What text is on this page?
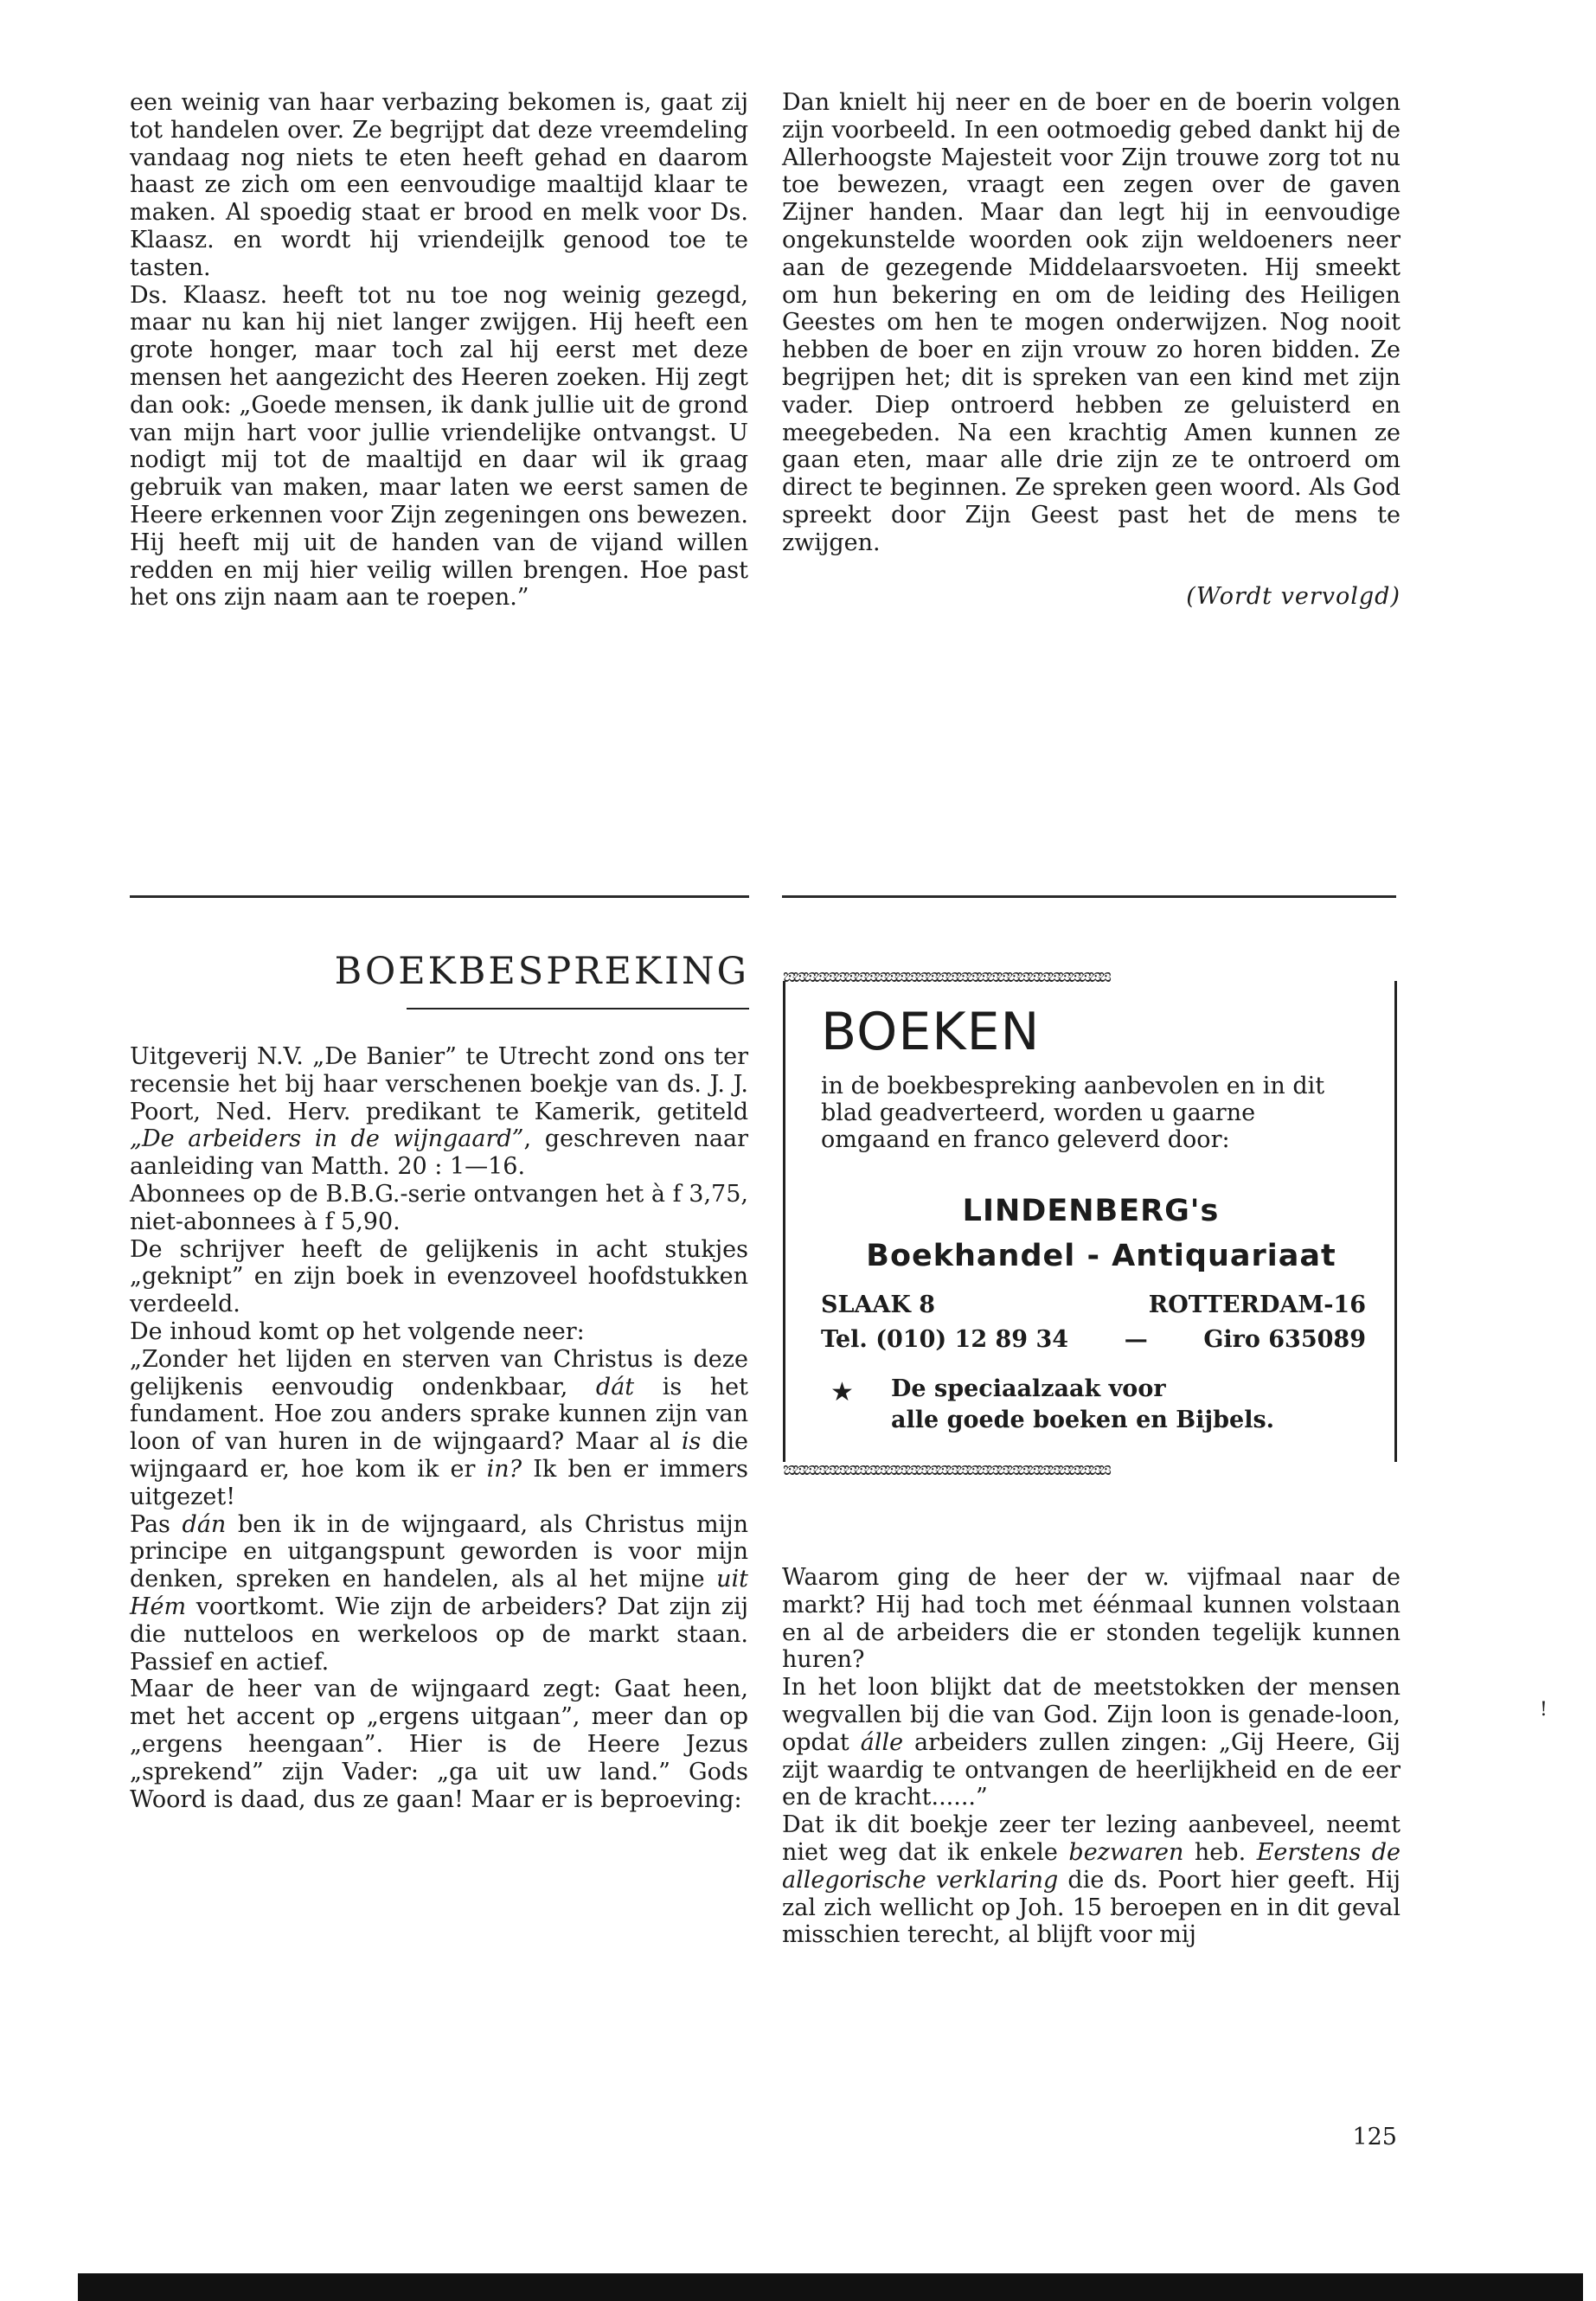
een weinig van haar verbazing bekomen is, gaat zij tot handelen over. Ze begrijpt dat deze vreemdeling vandaag nog niets te eten heeft gehad en daarom haast ze zich om een eenvoudige maaltijd klaar te maken. Al spoedig staat er brood en melk voor Ds. Klaasz. en wordt hij vriendeijlk genood toe te tasten.

Ds. Klaasz. heeft tot nu toe nog weinig gezegd, maar nu kan hij niet langer zwijgen. Hij heeft een grote honger, maar toch zal hij eerst met deze mensen het aangezicht des Heeren zoeken. Hij zegt dan ook: „Goede mensen, ik dank jullie uit de grond van mijn hart voor jullie vriendelijke ontvangst. U nodigt mij tot de maaltijd en daar wil ik graag gebruik van maken, maar laten we eerst samen de Heere erkennen voor Zijn zegeningen ons bewezen. Hij heeft mij uit de handen van de vijand willen redden en mij hier veilig willen brengen. Hoe past het ons zijn naam aan te roepen.”

Dan knielt hij neer en de boer en de boerin volgen zijn voorbeeld. In een ootmoedig gebed dankt hij de Allerhoogste Majesteit voor Zijn trouwe zorg tot nu toe bewezen, vraagt een zegen over de gaven Zijner handen. Maar dan legt hij in eenvoudige ongekunstelde woorden ook zijn weldoeners neer aan de gezegende Middelaarsvoeten. Hij smeekt om hun bekering en om de leiding des Heiligen Geestes om hen te mogen onderwijzen. Nog nooit hebben de boer en zijn vrouw zo horen bidden. Ze begrijpen het; dit is spreken van een kind met zijn vader. Diep ontroerd hebben ze geluisterd en meegebeden. Na een krachtig Amen kunnen ze gaan eten, maar alle drie zijn ze te ontroerd om direct te beginnen. Ze spreken geen woord. Als God spreekt door Zijn Geest past het de mens te zwijgen.

(Wordt vervolgd)

BOEKBESPREKING

Uitgeverij N.V. „De Banier” te Utrecht zond ons ter recensie het bij haar verschenen boekje van ds. J. J. Poort, Ned. Herv. predikant te Kamerik, getiteld „De arbeiders in de wijngaard”, geschreven naar aanleiding van Matth. 20 : 1—16.

Abonnees op de B.B.G.-serie ontvangen het à f 3,75, niet-abonnees à f 5,90.

De schrijver heeft de gelijkenis in acht stukjes „geknipt” en zijn boek in evenzoveel hoofdstukken verdeeld.

De inhoud komt op het volgende neer:

„Zonder het lijden en sterven van Christus is deze gelijkenis eenvoudig ondenkbaar, dát is het fundament. Hoe zou anders sprake kunnen zijn van loon of van huren in de wijngaard? Maar al is die wijngaard er, hoe kom ik er in? Ik ben er immers uitgezet!

Pas dán ben ik in de wijngaard, als Christus mijn principe en uitgangspunt geworden is voor mijn denken, spreken en handelen, als al het mijne uit Hém voortkomt. Wie zijn de arbeiders? Dat zijn zij die nutteloos en werkeloos op de markt staan. Passief en actief.

Maar de heer van de wijngaard zegt: Gaat heen, met het accent op „ergens uitgaan”, meer dan op „ergens heengaan”. Hier is de Heere Jezus „sprekend” zijn Vader: „ga uit uw land.” Gods Woord is daad, dus ze gaan! Maar er is beproeving:

ಙಙಙಙಙಙಙಙಙಙಙಙಙಙಙಙಙಙಙಙಙಙಙಙಙಙಙಙಙಙಙಙ
BOEKEN

in de boekbespreking aanbevolen en in dit blad geadverteerd, worden u gaarne omgaand en franco geleverd door:

LINDENBERG's
Boekhandel - Antiquariaat
SLAAK 8	ROTTERDAM-16
Tel. (010) 12 89 34 — Giro 635089
★ De speciaalzaak voor
alle goede boeken en Bijbels.
ಙಙಙಙಙಙಙಙಙಙಙಙಙಙಙಙಙಙಙಙಙಙಙಙಙಙಙಙಙಙಙಙ

Waarom ging de heer der w. vijfmaal naar de markt? Hij had toch met éénmaal kunnen volstaan en al de arbeiders die er stonden tegelijk kunnen huren?

In het loon blijkt dat de meetstokken der mensen wegvallen bij die van God. Zijn loon is genade-loon, opdat álle arbeiders zullen zingen: „Gij Heere, Gij zijt waardig te ontvangen de heerlijkheid en de eer en de kracht......”

Dat ik dit boekje zeer ter lezing aanbeveel, neemt niet weg dat ik enkele bezwaren heb. Eerstens de allegorische verklaring die ds. Poort hier geeft. Hij zal zich wellicht op Joh. 15 beroepen en in dit geval misschien terecht, al blijft voor mij

!
125
